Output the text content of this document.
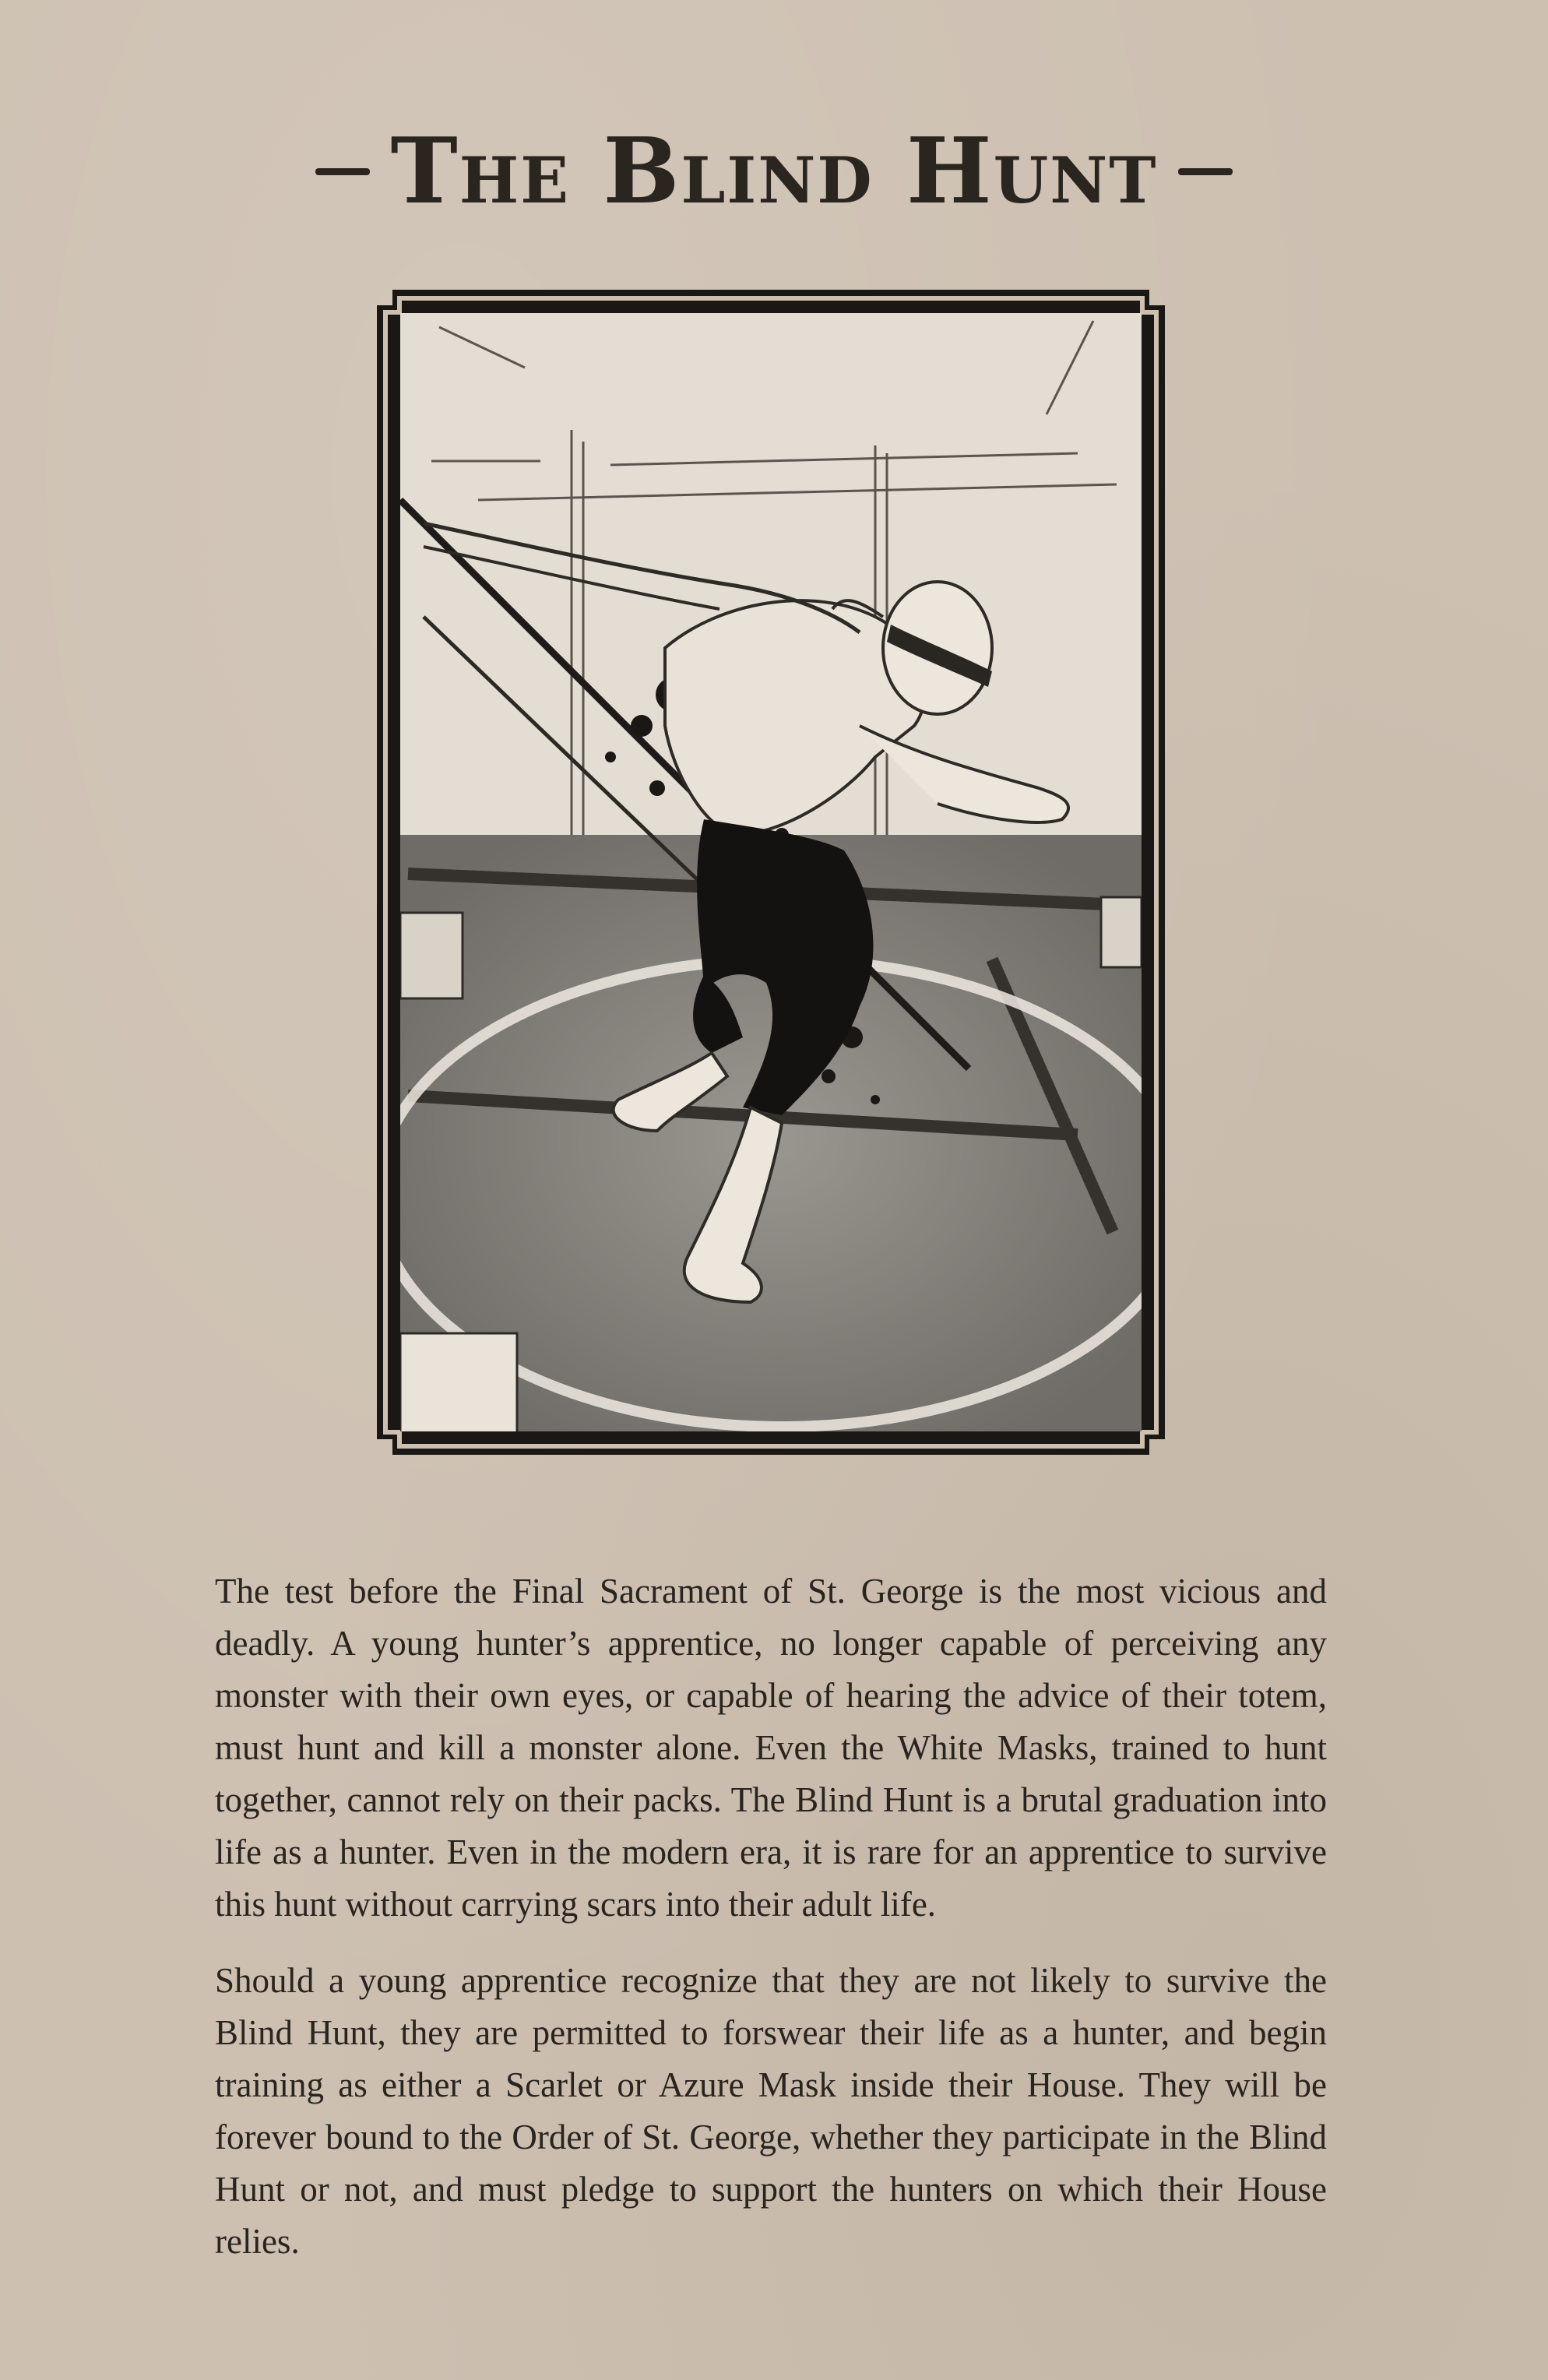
The Blind Hunt

The test before the Final Sacrament of St. George is the most vicious and deadly. A young hunter’s apprentice, no longer capable of perceiving any monster with their own eyes, or capable of hearing the advice of their totem, must hunt and kill a monster alone. Even the White Masks, trained to hunt together, cannot rely on their packs. The Blind Hunt is a brutal graduation into life as a hunter. Even in the modern era, it is rare for an apprentice to survive this hunt without carrying scars into their adult life.

Should a young apprentice recognize that they are not likely to survive the Blind Hunt, they are permitted to forswear their life as a hunter, and begin training as either a Scarlet or Azure Mask inside their House. They will be forever bound to the Order of St. George, whether they participate in the Blind Hunt or not, and must pledge to support the hunters on which their House relies.
